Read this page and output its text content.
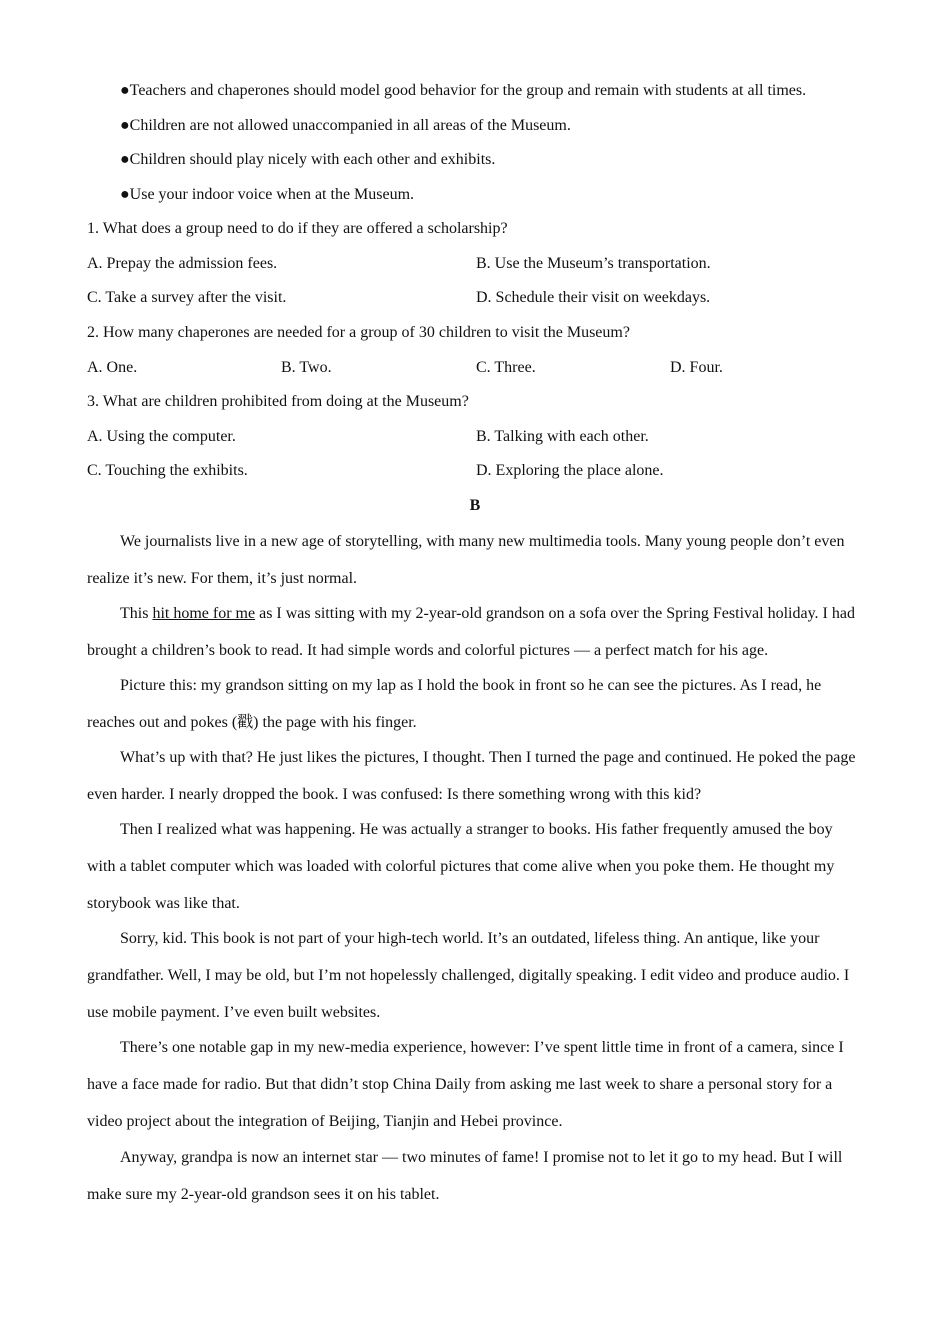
●Teachers and chaperones should model good behavior for the group and remain with students at all times.
●Children are not allowed unaccompanied in all areas of the Museum.
●Children should play nicely with each other and exhibits.
●Use your indoor voice when at the Museum.
1. What does a group need to do if they are offered a scholarship?
A. Prepay the admission fees.	B. Use the Museum’s transportation.
C. Take a survey after the visit.	D. Schedule their visit on weekdays.
2. How many chaperones are needed for a group of 30 children to visit the Museum?
A. One.	B. Two.	C. Three.	D. Four.
3. What are children prohibited from doing at the Museum?
A. Using the computer.	B. Talking with each other.
C. Touching the exhibits.	D. Exploring the place alone.
B

We journalists live in a new age of storytelling, with many new multimedia tools. Many young people don’t even realize it’s new. For them, it’s just normal.

This hit home for me as I was sitting with my 2-year-old grandson on a sofa over the Spring Festival holiday. I had brought a children’s book to read. It had simple words and colorful pictures — a perfect match for his age.

Picture this: my grandson sitting on my lap as I hold the book in front so he can see the pictures. As I read, he reaches out and pokes (戳) the page with his finger.

What’s up with that? He just likes the pictures, I thought. Then I turned the page and continued. He poked the page even harder. I nearly dropped the book. I was confused: Is there something wrong with this kid?

Then I realized what was happening. He was actually a stranger to books. His father frequently amused the boy with a tablet computer which was loaded with colorful pictures that come alive when you poke them. He thought my storybook was like that.

Sorry, kid. This book is not part of your high-tech world. It’s an outdated, lifeless thing. An antique, like your grandfather. Well, I may be old, but I’m not hopelessly challenged, digitally speaking. I edit video and produce audio. I use mobile payment. I’ve even built websites.

There’s one notable gap in my new-media experience, however: I’ve spent little time in front of a camera, since I have a face made for radio. But that didn’t stop China Daily from asking me last week to share a personal story for a video project about the integration of Beijing, Tianjin and Hebei province.

Anyway, grandpa is now an internet star — two minutes of fame! I promise not to let it go to my head. But I will make sure my 2-year-old grandson sees it on his tablet.
